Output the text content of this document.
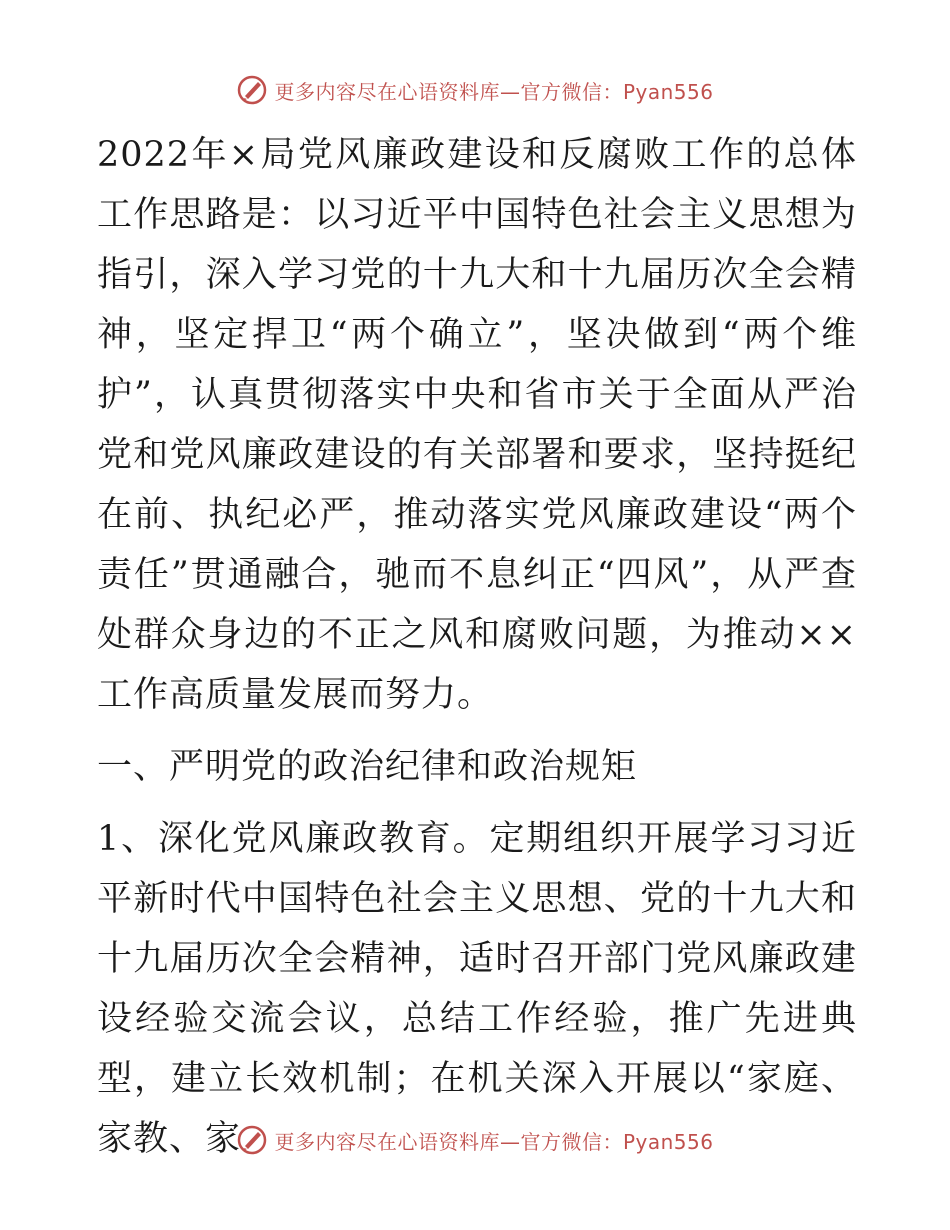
更多内容尽在心语资料库—官方微信：Pyan556

2022年×局党风廉政建设和反腐败工作的总体工作思路是：以习近平中国特色社会主义思想为指引，深入学习党的十九大和十九届历次全会精神，坚定捍卫“两个确立”，坚决做到“两个维护”，认真贯彻落实中央和省市关于全面从严治党和党风廉政建设的有关部署和要求，坚持挺纪在前、执纪必严，推动落实党风廉政建设“两个责任”贯通融合，驰而不息纠正“四风”，从严查处群众身边的不正之风和腐败问题，为推动××工作高质量发展而努力。

一、严明党的政治纪律和政治规矩

1、深化党风廉政教育。定期组织开展学习习近平新时代中国特色社会主义思想、党的十九大和十九届历次全会精神，适时召开部门党风廉政建设经验交流会议，总结工作经验，推广先进典型，建立长效机制；在机关深入开展以“家庭、家教、家	更多内容尽在心语资料库—官方微信：Pyan556
